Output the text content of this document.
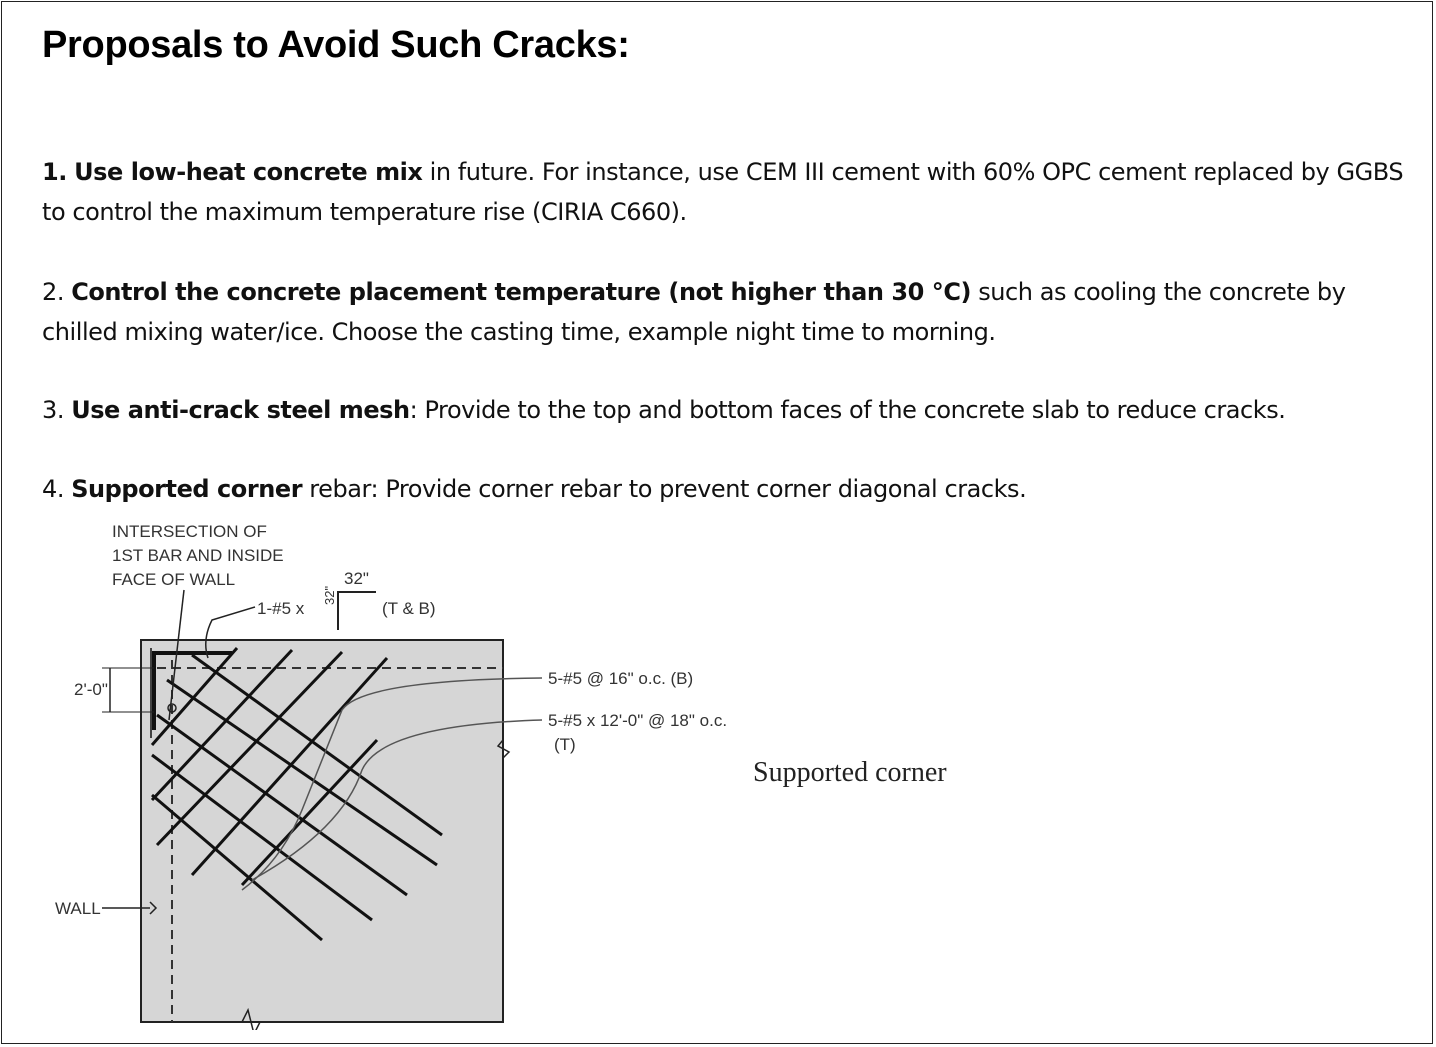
Proposals to Avoid Such Cracks:

1. Use low-heat concrete mix in future. For instance, use CEM III cement with 60% OPC cement replaced by GGBS to control the maximum temperature rise (CIRIA C660).

2. Control the concrete placement temperature (not higher than 30 °C) such as cooling the concrete by chilled mixing water/ice. Choose the casting time, example night time to morning.

3. Use anti-crack steel mesh: Provide to the top and bottom faces of the concrete slab to reduce cracks.

4. Supported corner rebar: Provide corner rebar to prevent corner diagonal cracks.

INTERSECTION OF
1ST BAR AND INSIDE
FACE OF WALL
1-#5 x
32"
32"
(T & B)
2'-0"
5-#5 @ 16" o.c. (B)
5-#5 x 12'-0" @ 18" o.c.
(T)
WALL

Supported corner
